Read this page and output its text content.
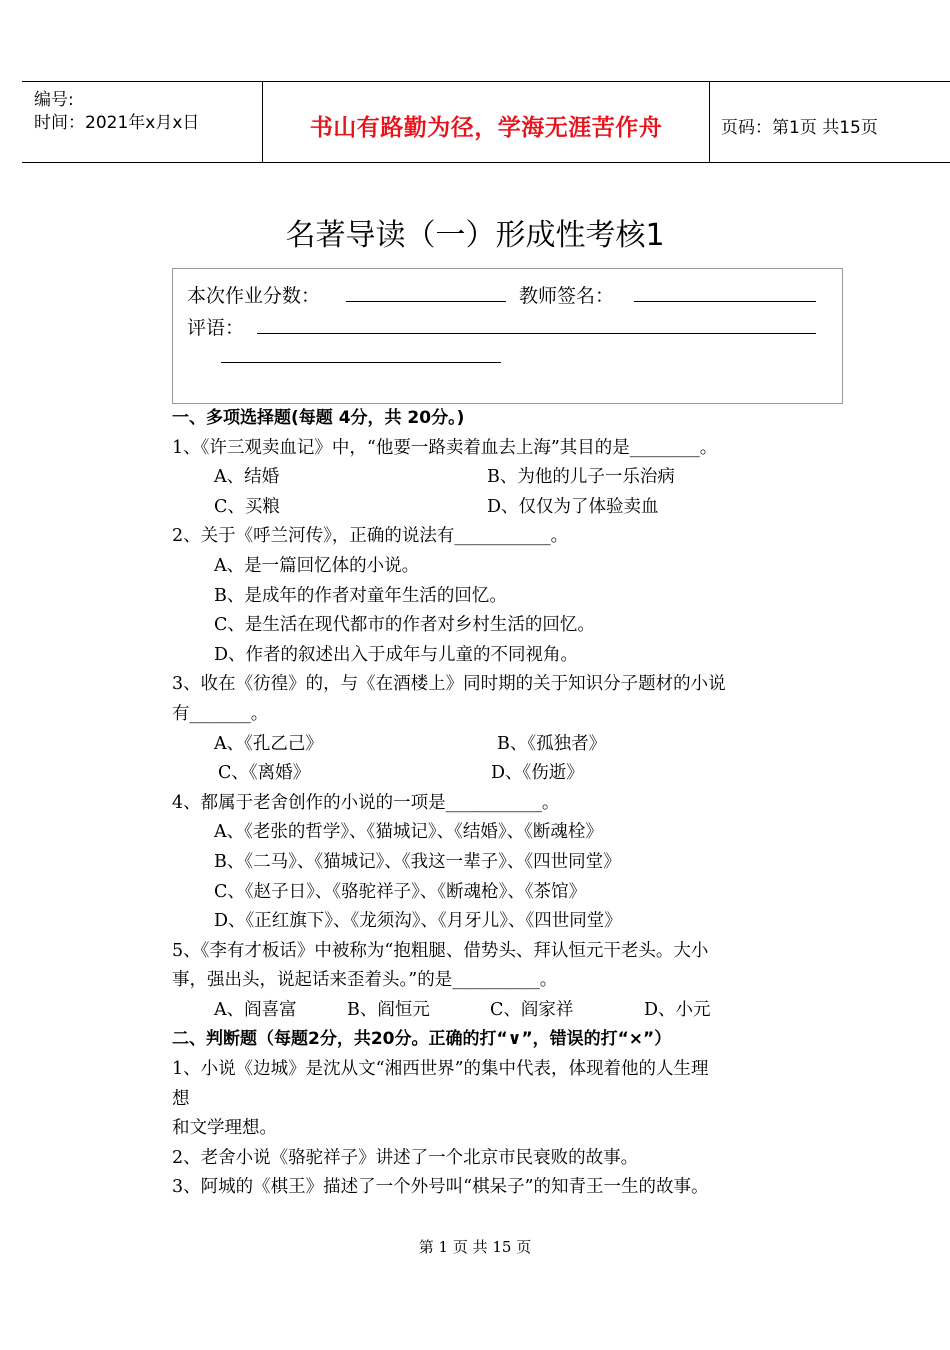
编号:
时间：2021年x月x日	书山有路勤为径，学海无涯苦作舟	页码：第1页 共15页
名著导读（一）形成性考核1
本次作业分数：	教师签名：
评语：
一、多项选择题(每题 4分，共 20分。)
1、《许三观卖血记》中，“他要一路卖着血去上海”其目的是________。
A、结婚	B、为他的儿子一乐治病
C、买粮	D、仅仅为了体验卖血
2、关于《呼兰河传》，正确的说法有___________。
A、是一篇回忆体的小说。
B、是成年的作者对童年生活的回忆。
C、是生活在现代都市的作者对乡村生活的回忆。
D、作者的叙述出入于成年与儿童的不同视角。
3、收在《彷徨》的，与《在酒楼上》同时期的关于知识分子题材的小说
有_______。
A、《孔乙己》	B、《孤独者》
C、《离婚》	D、《伤逝》
4、都属于老舍创作的小说的一项是___________。
A、《老张的哲学》、《猫城记》、《结婚》、《断魂栓》
B、《二马》、《猫城记》、《我这一辈子》、《四世同堂》
C、《赵子日》、《骆驼祥子》、《断魂枪》、《茶馆》
D、《正红旗下》、《龙须沟》、《月牙儿》、《四世同堂》
5、《李有才板话》中被称为“抱粗腿、借势头、拜认恒元干老头。大小
事，强出头，说起话来歪着头。”的是__________。
A、阎喜富	B、阎恒元	C、阎家祥	D、小元
二、判断题（每题2分，共20分。正确的打“∨”，错误的打“×”）
1、小说《边城》是沈从文“湘西世界”的集中代表，体现着他的人生理
想
和文学理想。
2、老舍小说《骆驼祥子》讲述了一个北京市民衰败的故事。
3、阿城的《棋王》描述了一个外号叫“棋呆子”的知青王一生的故事。
第 1 页 共 15 页
